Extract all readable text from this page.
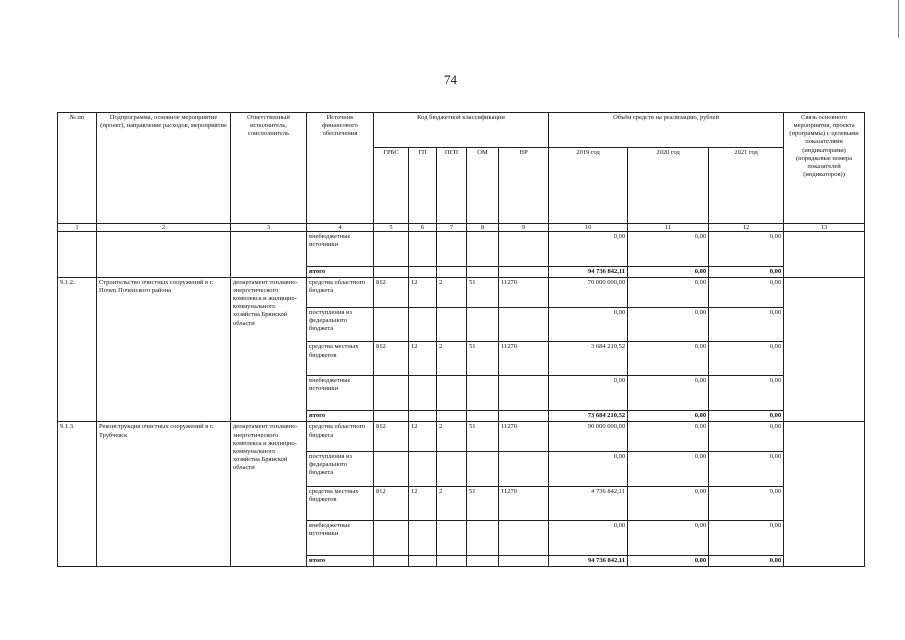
74
№ пп	Подпрограмма, основное мероприятие (проект), направление расходов, мероприятие	Ответственный исполнитель, соисполнитель	Источник финансового обеспечения	Код бюджетной классификации					Объём средств на реализацию, рублей			Связь основного мероприятия, проекта (программы) с целевыми показателями (индикаторами) (порядковые номера показателей (индикаторов))
				ГРБС	ГП	ПГП	ОМ	НР	2019 год	2020 год	2021 год	
1	2	3	4	5	6	7	8	9	10	11	12	13
			внебюджетные источники						0,00	0,00	0,00	
			итого						94 736 842,11	0,00	0,00	
9.1.2.	Строительство очистных сооружений в г. Почеп Почепского района	департамент топливно-энергетического комплекса и жилищно-коммунального хозяйства Брянской области	средства областного бюджета	812	12	2	51	11270	70 000 000,00	0,00	0,00	
			поступления из федерального бюджета						0,00	0,00	0,00	
			средства местных бюджетов	812	12	2	51	11270	3 684 210,52	0,00	0,00	
			внебюджетные источники						0,00	0,00	0,00	
			итого						73 684 210,52	0,00	0,00	
9.1.3.	Реконструкция очистных сооружений в г. Трубчевск	департамент топливно-энергетического комплекса и жилищно-коммунального хозяйства Брянской области	средства областного бюджета	812	12	2	51	11270	90 000 000,00	0,00	0,00	
			поступления из федерального бюджета						0,00	0,00	0,00	
			средства местных бюджетов	812	12	2	51	11270	4 736 842,11	0,00	0,00	
			внебюджетные источники						0,00	0,00	0,00	
			итого						94 736 842,11	0,00	0,00	
